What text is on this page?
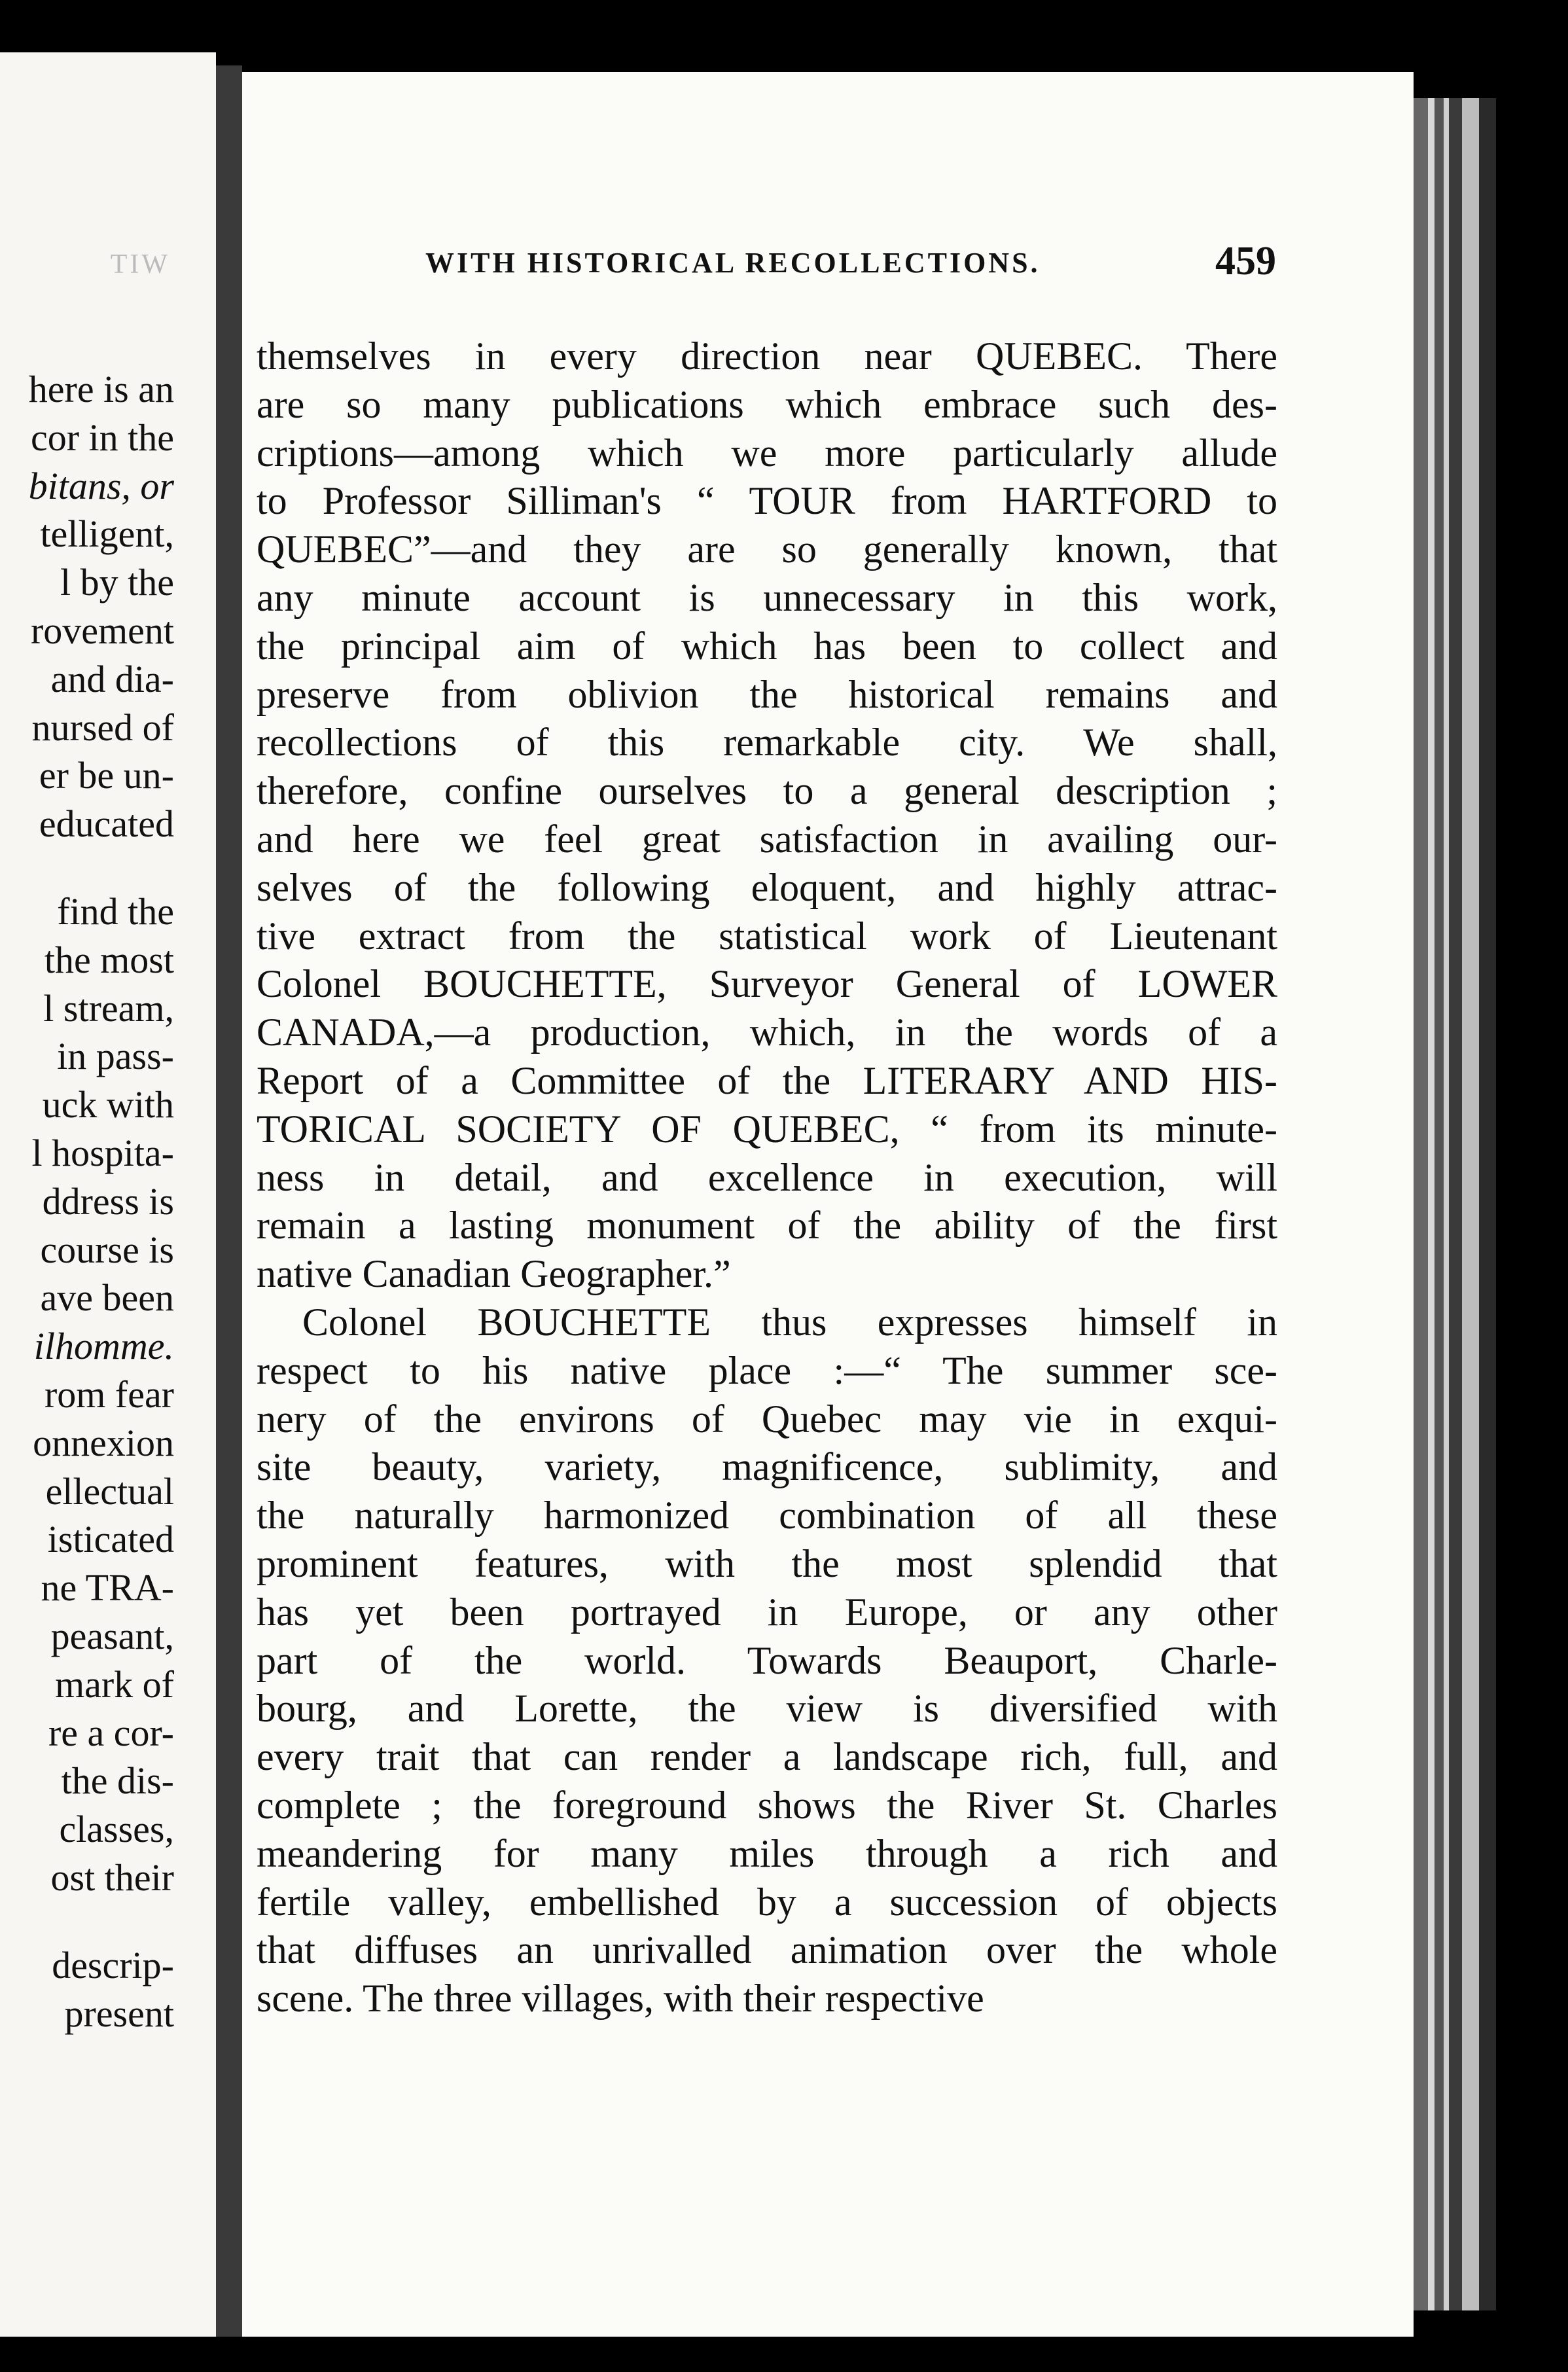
TIW
here is an
cor in the
bitans, or
telligent,
l by the
rovement
and dia-
nursed of
er be un-
educated
find the
the most
l stream,
in pass-
uck with
l hospita-
ddress is
course is
ave been
ilhomme.
rom fear
onnexion
ellectual
isticated
ne TRA-
peasant,
mark of
re a cor-
the dis-
classes,
ost their
descrip-
present
WITH HISTORICAL RECOLLECTIONS.	459
themselves in every direction near QUEBEC. There
are so many publications which embrace such des-
criptions—among which we more particularly allude
to Professor Silliman's “ TOUR from HARTFORD to
QUEBEC”—and they are so generally known, that
any minute account is unnecessary in this work,
the principal aim of which has been to collect and
preserve from oblivion the historical remains and
recollections of this remarkable city. We shall,
therefore, confine ourselves to a general description ;
and here we feel great satisfaction in availing our-
selves of the following eloquent, and highly attrac-
tive extract from the statistical work of Lieutenant
Colonel BOUCHETTE, Surveyor General of LOWER
CANADA,—a production, which, in the words of a
Report of a Committee of the LITERARY AND HIS-
TORICAL SOCIETY OF QUEBEC, “ from its minute-
ness in detail, and excellence in execution, will
remain a lasting monument of the ability of the first
native Canadian Geographer.”
Colonel BOUCHETTE thus expresses himself in
respect to his native place :—“ The summer sce-
nery of the environs of Quebec may vie in exqui-
site beauty, variety, magnificence, sublimity, and
the naturally harmonized combination of all these
prominent features, with the most splendid that
has yet been portrayed in Europe, or any other
part of the world. Towards Beauport, Charle-
bourg, and Lorette, the view is diversified with
every trait that can render a landscape rich, full, and
complete ; the foreground shows the River St. Charles
meandering for many miles through a rich and
fertile valley, embellished by a succession of objects
that diffuses an unrivalled animation over the whole
scene. The three villages, with their respective
